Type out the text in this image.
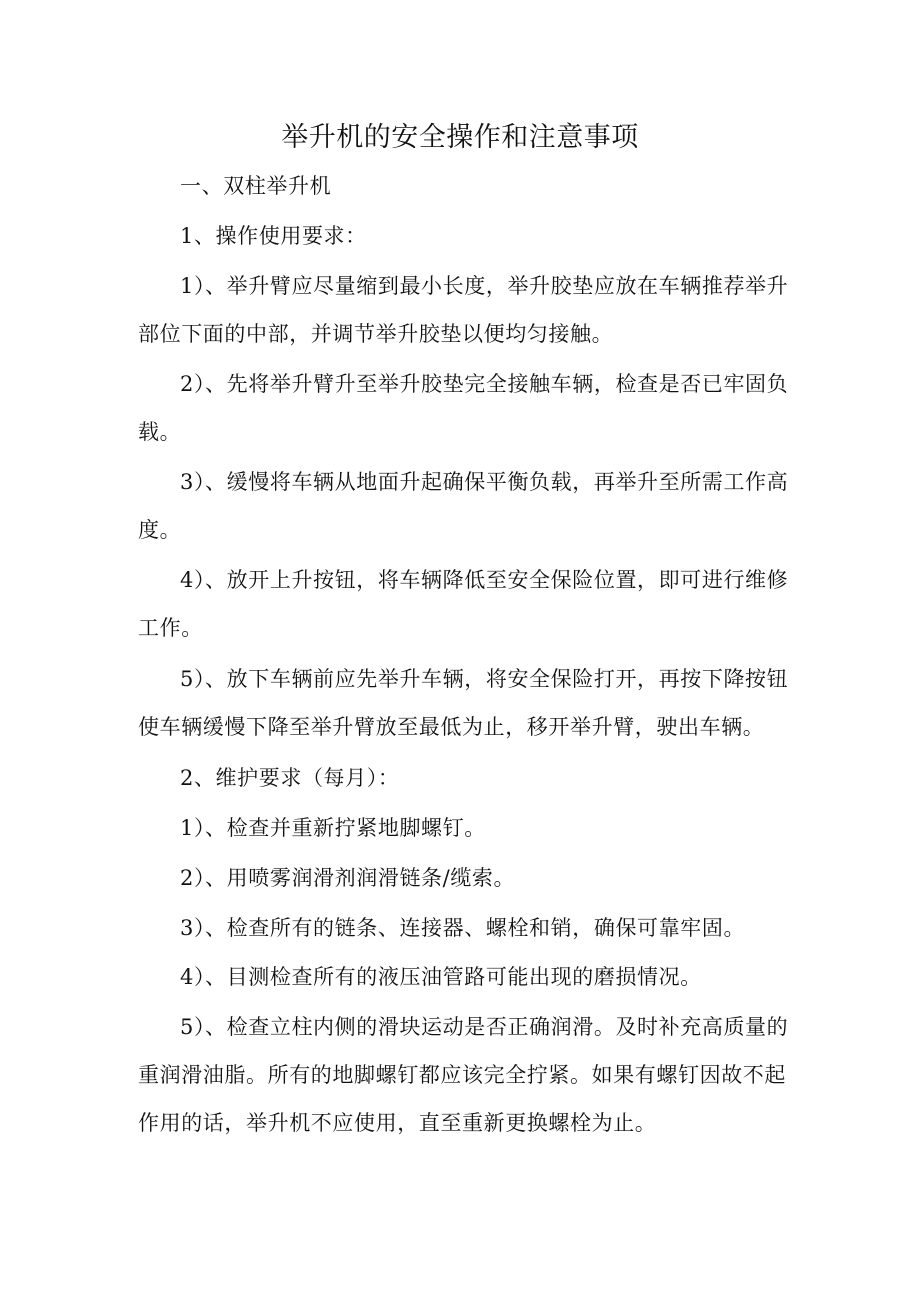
举升机的安全操作和注意事项

一、双柱举升机

1、操作使用要求：

1）、举升臂应尽量缩到最小长度，举升胶垫应放在车辆推荐举升部位下面的中部，并调节举升胶垫以便均匀接触。

2）、先将举升臂升至举升胶垫完全接触车辆，检查是否已牢固负载。

3）、缓慢将车辆从地面升起确保平衡负载，再举升至所需工作高度。

4）、放开上升按钮，将车辆降低至安全保险位置，即可进行维修工作。

5）、放下车辆前应先举升车辆，将安全保险打开，再按下降按钮使车辆缓慢下降至举升臂放至最低为止，移开举升臂，驶出车辆。

2、维护要求（每月）：

1）、检查并重新拧紧地脚螺钉。

2）、用喷雾润滑剂润滑链条/缆索。

3）、检查所有的链条、连接器、螺栓和销，确保可靠牢固。

4）、目测检查所有的液压油管路可能出现的磨损情况。

5）、检查立柱内侧的滑块运动是否正确润滑。及时补充高质量的重润滑油脂。所有的地脚螺钉都应该完全拧紧。如果有螺钉因故不起作用的话，举升机不应使用，直至重新更换螺栓为止。
